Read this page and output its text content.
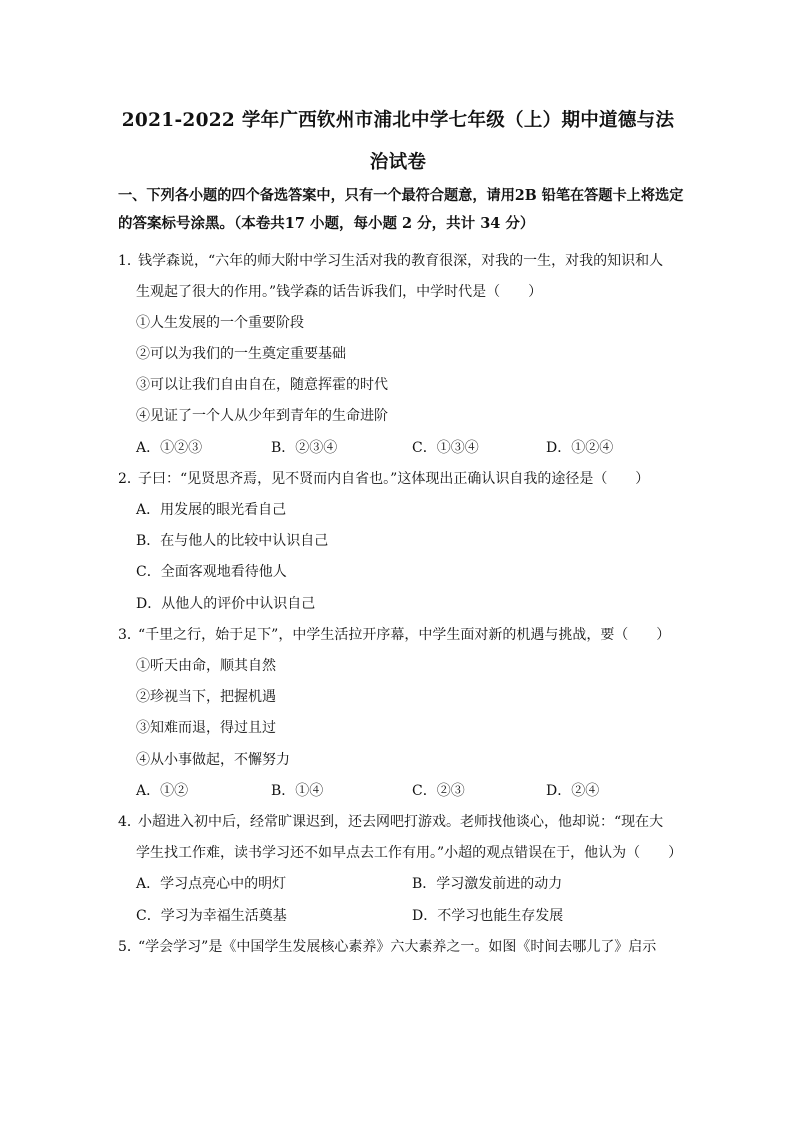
2021-2022 学年广西钦州市浦北中学七年级（上）期中道德与法
治试卷
一、下列各小题的四个备选答案中，只有一个最符合题意，请用2B 铅笔在答题卡上将选定
的答案标号涂黑。（本卷共17 小题，每小题 2 分，共计 34 分）
1．
钱学森说，“六年的师大附中学习生活对我的教育很深，对我的一生，对我的知识和人
生观起了很大的作用。”钱学森的话告诉我们，中学时代是（　　）
①人生发展的一个重要阶段
②可以为我们的一生奠定重要基础
③可以让我们自由自在，随意挥霍的时代
④见证了一个人从少年到青年的生命进阶
A．①②③	B．②③④	C．①③④	D．①②④
2．
子曰：“见贤思齐焉，见不贤而内自省也。”这体现出正确认识自我的途径是（　　）
A．用发展的眼光看自己
B．在与他人的比较中认识自己
C．全面客观地看待他人
D．从他人的评价中认识自己
3．
“千里之行，始于足下”，中学生活拉开序幕，中学生面对新的机遇与挑战，要（　　）
①听天由命，顺其自然
②珍视当下，把握机遇
③知难而退，得过且过
④从小事做起，不懈努力
A．①②	B．①④	C．②③	D．②④
4．
小超进入初中后，经常旷课迟到，还去网吧打游戏。老师找他谈心，他却说：“现在大
学生找工作难，读书学习还不如早点去工作有用。”小超的观点错误在于，他认为（　　）
A．学习点亮心中的明灯	B．学习激发前进的动力
C．学习为幸福生活奠基	D．不学习也能生存发展
5．
“学会学习”是《中国学生发展核心素养》六大素养之一。如图《时间去哪儿了》启示
